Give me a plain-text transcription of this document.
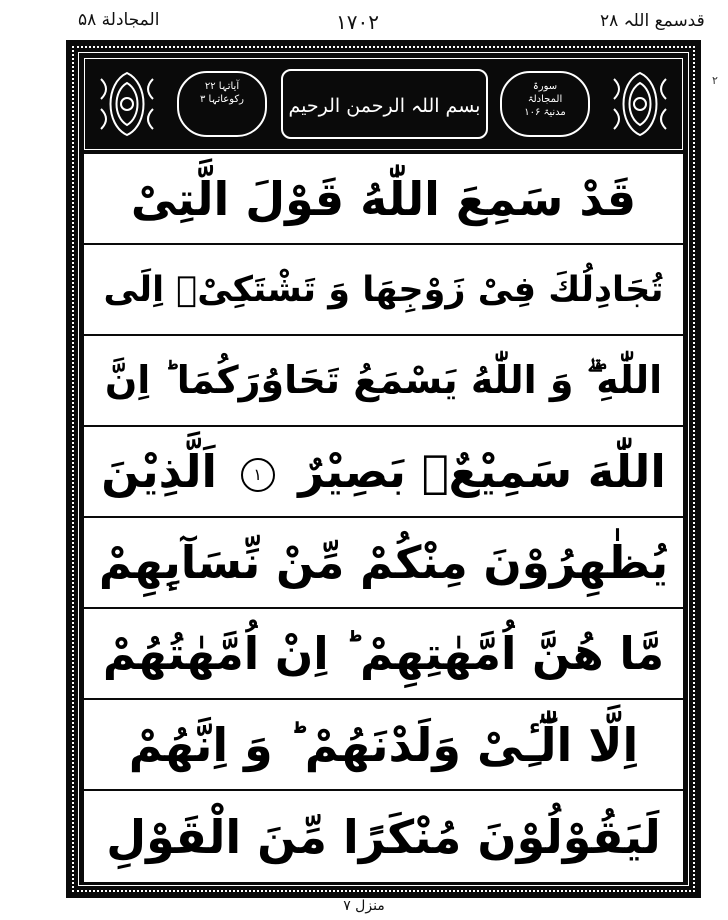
المجادلة ۵۸	۱۷۰۲	قدسمع اللہ ۲۸
۲
آیاتہا ۲۲
رکوعاتہا ۳	بسم اللہ الرحمن الرحیم
سورۃ
المجادلۃ
مدنیۃ ۱۰۶
قَدْ سَمِعَ اللّٰهُ قَوْلَ الَّتِیْ
تُجَادِلُكَ فِیْ زَوْجِهَا وَ تَشْتَكِیْۤ اِلَی
اللّٰهِ ۖۗ وَ اللّٰهُ یَسْمَعُ تَحَاوُرَكُمَا ؕ اِنَّ
اللّٰهَ سَمِیْعٌۢ بَصِیْرٌ ۱ اَلَّذِیْنَ
یُظٰهِرُوْنَ مِنْكُمْ مِّنْ نِّسَآىِٕهِمْ
مَّا هُنَّ اُمَّهٰتِهِمْ ؕ اِنْ اُمَّهٰتُهُمْ
اِلَّا الّٰٓـِٔیْ وَلَدْنَهُمْ ؕ وَ اِنَّهُمْ
لَیَقُوْلُوْنَ مُنْكَرًا مِّنَ الْقَوْلِ
منزل ۷
